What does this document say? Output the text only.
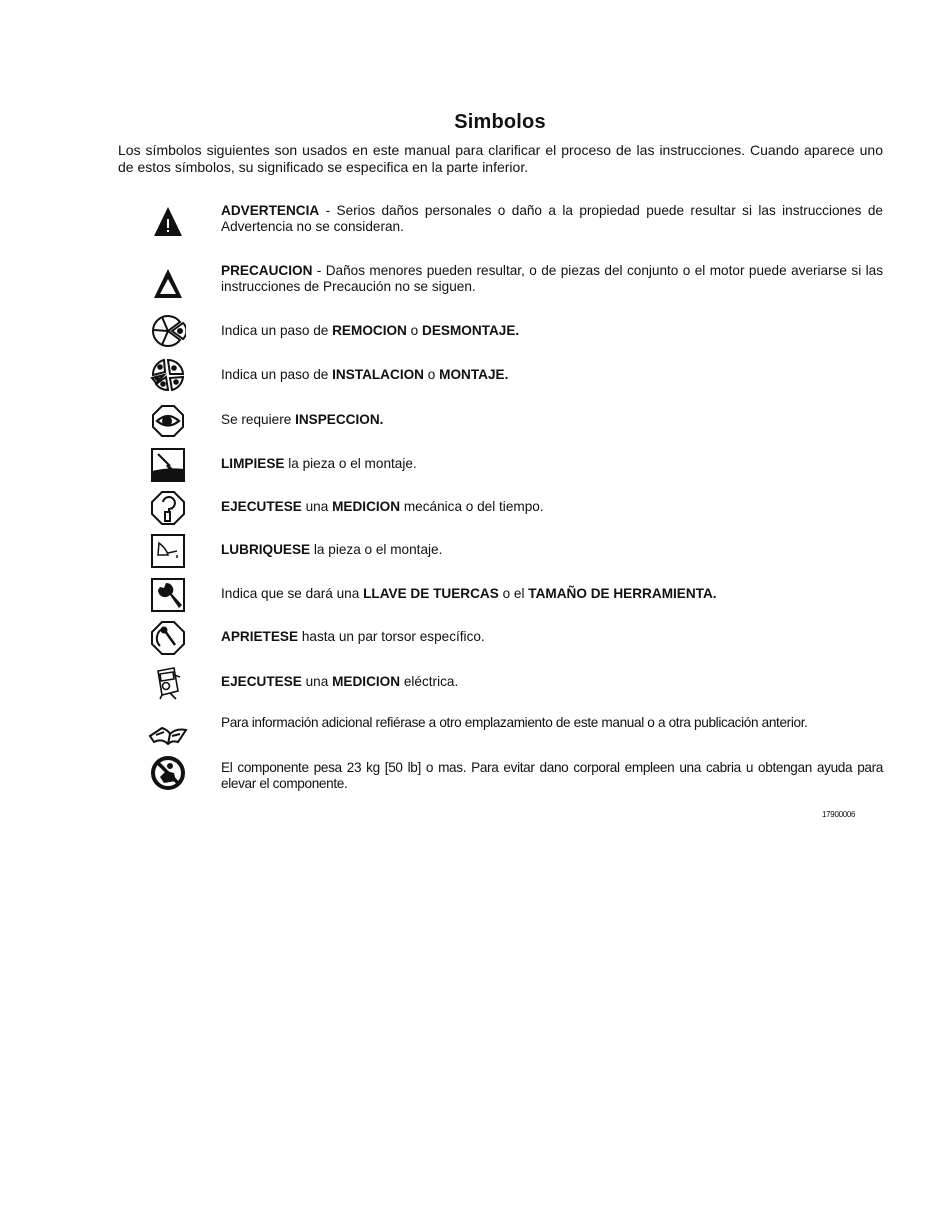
Simbolos
Los símbolos siguientes son usados en este manual para clarificar el proceso de las instrucciones. Cuando aparece uno de estos símbolos, su significado se especifica en la parte inferior.
ADVERTENCIA - Serios daños personales o daño a la propiedad puede resultar si las instrucciones de Advertencia no se consideran.
PRECAUCION - Daños menores pueden resultar, o de piezas del conjunto o el motor puede averiarse si las instrucciones de Precaución no se siguen.
Indica un paso de REMOCION o DESMONTAJE.
Indica un paso de INSTALACION o MONTAJE.
Se requiere INSPECCION.
LIMPIESE la pieza o el montaje.
EJECUTESE una MEDICION mecánica o del tiempo.
LUBRIQUESE la pieza o el montaje.
Indica que se dará una LLAVE DE TUERCAS o el TAMAÑO DE HERRAMIENTA.
APRIETESE hasta un par torsor específico.
EJECUTESE una MEDICION eléctrica.
Para información adicional refiérase a otro emplazamiento de este manual o a otra publicación anterior.
El componente pesa 23 kg [50 lb] o mas. Para evitar dano corporal empleen una cabria u obtengan ayuda para elevar el componente.
17900006
